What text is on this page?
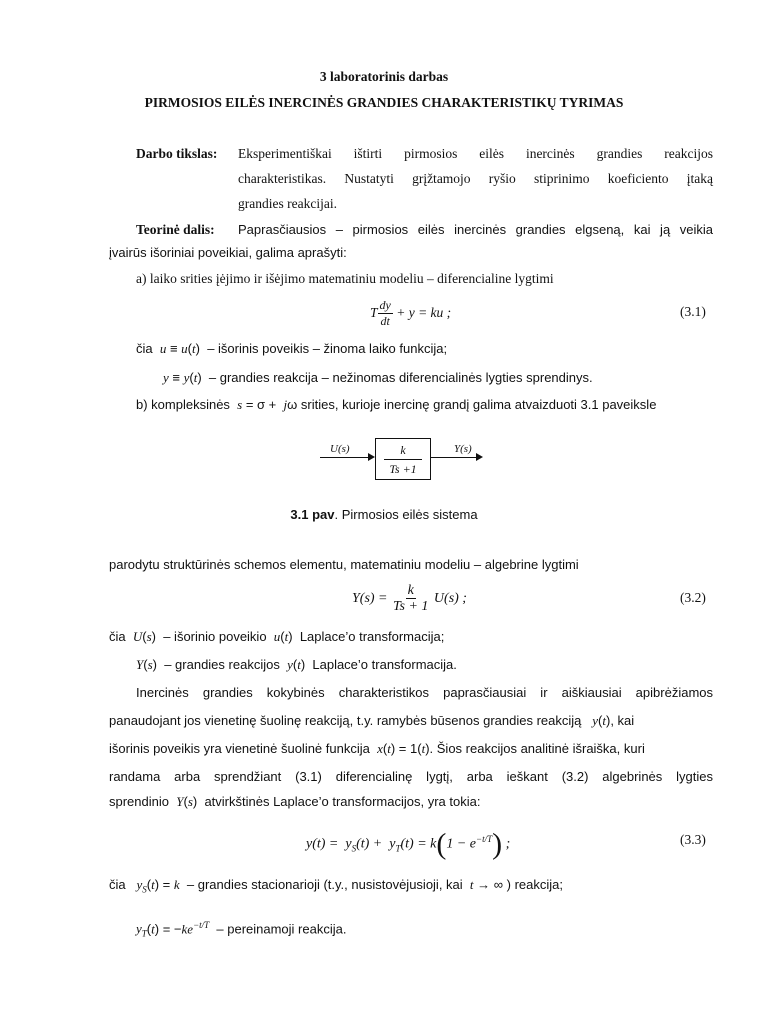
3 laboratorinis darbas
PIRMOSIOS EILĖS INERCINĖS GRANDIES CHARAKTERISTIKŲ TYRIMAS
Darbo tikslas: Eksperimentiškai ištirti pirmosios eilės inercinės grandies reakcijos
charakteristikas. Nustatyti grįžtamojo ryšio stiprinimo koeficiento įtaką
grandies reakcijai.
Teorinė dalis: Paprasčiausios – pirmosios eilės inercinės grandies elgseną, kai ją veikia
įvairūs išoriniai poveikiai, galima aprašyti:
a) laiko srities įėjimo ir išėjimo matematiniu modeliu – diferencialine lygtimi
T $\frac{dy}{dt} + y$ = ku ;	(3.1)
čia u ≡ u(t)  – išorinis poveikis – žinoma laiko funkcija;
y ≡ y(t)  – grandies reakcija – nežinomas diferencialinės lygties sprendinys.
b) kompleksinės s = σ +  jω srities, kurioje inercinę grandį galima atvaizduoti 3.1 paveiksle
U(s)	Y(s)
k
Ts +1
3.1 pav. Pirmosios eilės sistema
parodytu struktūrinės schemos elementu, matematiniu modeliu – algebrine lygtimi
$Y(s) = \frac{k}{Ts + 1} U(s)$ ;	(3.2)
čia U(s)  – išorinio poveikio u(t)  Laplace’o transformacija;
Y(s)  – grandies reakcijos y(t)  Laplace’o transformacija.
Inercinės grandies kokybinės charakteristikos paprasčiausiai ir aiškiausiai apibrėžiamos
panaudojant jos vienetinę šuolinę reakciją, t.y. ramybės būsenos grandies reakciją y(t), kai
išorinis poveikis yra vienetinė šuolinė funkcija x(t) = 1(t). Šios reakcijos analitinė išraiška, kuri
randama arba sprendžiant (3.1) diferencialinę lygtį, arba ieškant (3.2) algebrinės lygties
sprendinio Y(s)  atvirkštinės Laplace’o transformacijos, yra tokia:
$y(t) = y_S(t) + y_T(t) = k(1 - e^{-t/T})$ ;	(3.3)
čia $y_S(t) = k$ – grandies stacionarioji (t.y., nusistovėjusioji, kai t → ∞ ) reakcija;
$y_T(t) = -ke^{-t/T}$ – pereinamoji reakcija.
